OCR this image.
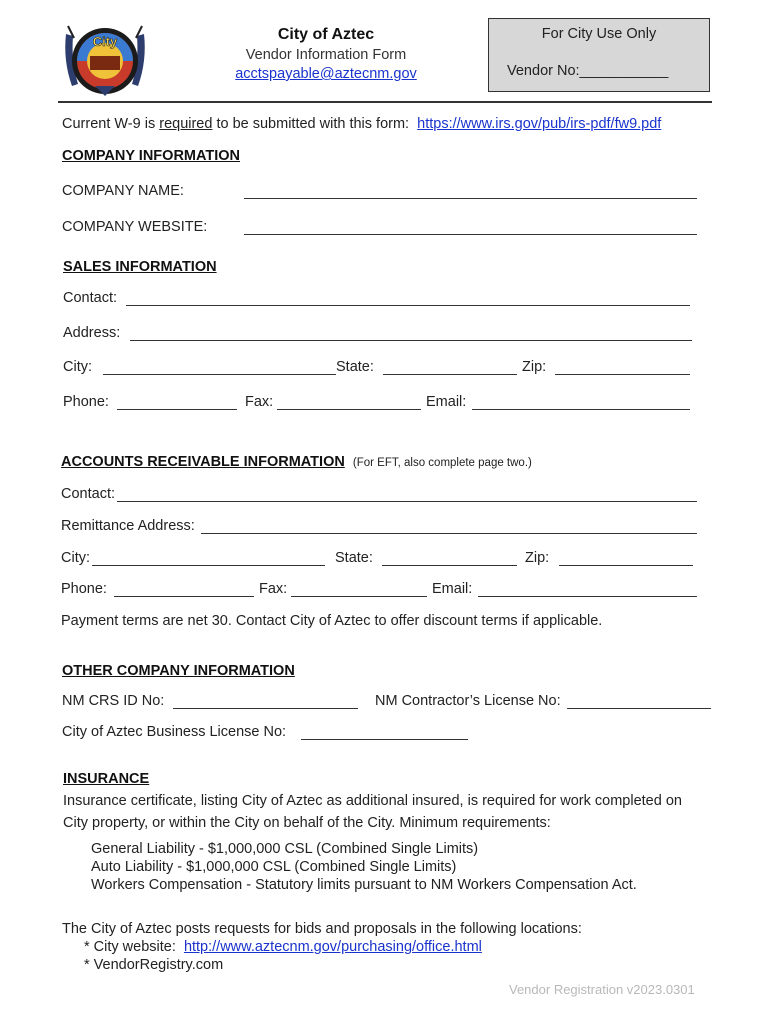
City	City of Aztec
Vendor Information Form
acctspayable@aztecnm.gov
For City Use Only
Vendor No:___________
Current W-9 is required to be submitted with this form: https://www.irs.gov/pub/irs-pdf/fw9.pdf
COMPANY INFORMATION
COMPANY NAME:
COMPANY WEBSITE:
SALES INFORMATION
Contact:
Address:
City:	State:	Zip:
Phone:	Fax:	Email:
ACCOUNTS RECEIVABLE INFORMATION (For EFT, also complete page two.)
Contact:
Remittance Address:
City:	State:	Zip:
Phone:	Fax:	Email:
Payment terms are net 30. Contact City of Aztec to offer discount terms if applicable.
OTHER COMPANY INFORMATION
NM CRS ID No:	NM Contractor’s License No:
City of Aztec Business License No:
INSURANCE
Insurance certificate, listing City of Aztec as additional insured, is required for work completed on
City property, or within the City on behalf of the City. Minimum requirements:
General Liability - $1,000,000 CSL (Combined Single Limits)
Auto Liability - $1,000,000 CSL (Combined Single Limits)
Workers Compensation - Statutory limits pursuant to NM Workers Compensation Act.
The City of Aztec posts requests for bids and proposals in the following locations:
* City website: http://www.aztecnm.gov/purchasing/office.html
* VendorRegistry.com
Vendor Registration v2023.0301
